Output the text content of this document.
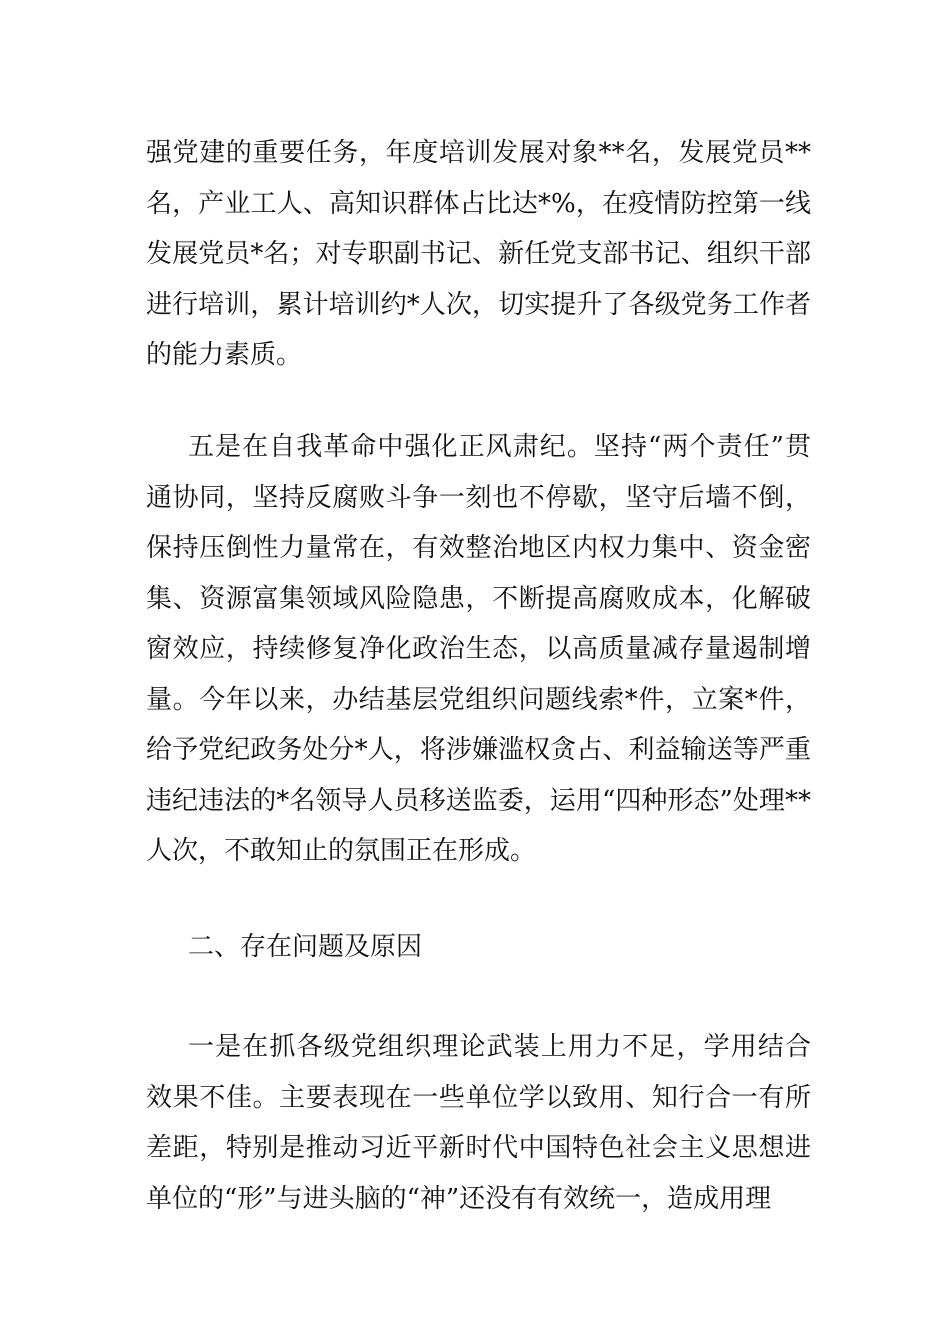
强党建的重要任务，年度培训发展对象**名，发展党员**名，产业工人、高知识群体占比达*%，在疫情防控第一线发展党员*名；对专职副书记、新任党支部书记、组织干部进行培训，累计培训约*人次，切实提升了各级党务工作者的能力素质。

五是在自我革命中强化正风肃纪。坚持“两个责任”贯通协同，坚持反腐败斗争一刻也不停歇，坚守后墙不倒，保持压倒性力量常在，有效整治地区内权力集中、资金密集、资源富集领域风险隐患，不断提高腐败成本，化解破窗效应，持续修复净化政治生态，以高质量减存量遏制增量。今年以来，办结基层党组织问题线索*件，立案*件，给予党纪政务处分*人，将涉嫌滥权贪占、利益输送等严重违纪违法的*名领导人员移送监委，运用“四种形态”处理**人次，不敢知止的氛围正在形成。

二、存在问题及原因

一是在抓各级党组织理论武装上用力不足，学用结合效果不佳。主要表现在一些单位学以致用、知行合一有所差距，特别是推动习近平新时代中国特色社会主义思想进单位的“形”与进头脑的“神”还没有有效统一，造成用理
